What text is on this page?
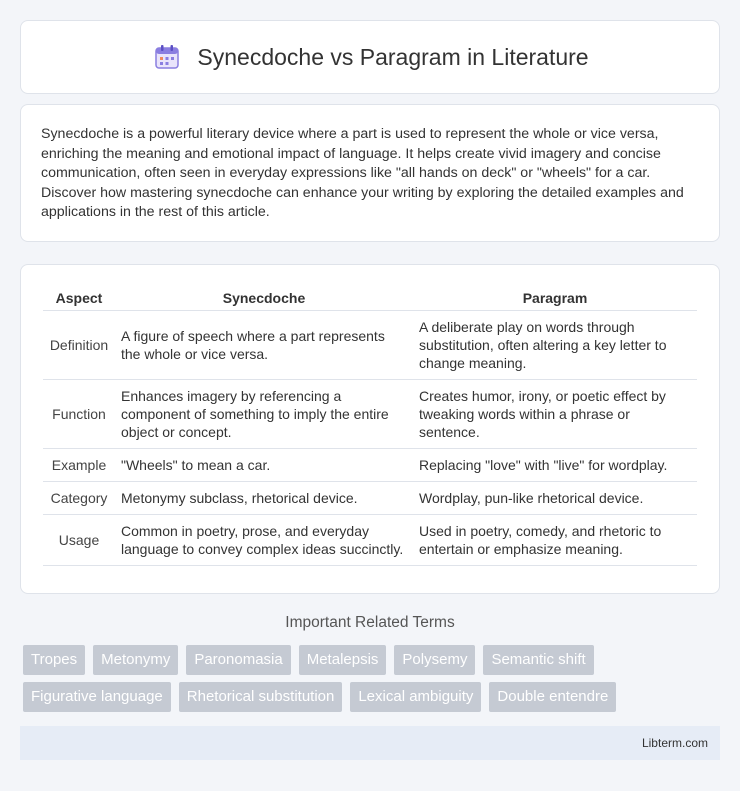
Synecdoche vs Paragram in Literature

Synecdoche is a powerful literary device where a part is used to represent the whole or vice versa, enriching the meaning and emotional impact of language. It helps create vivid imagery and concise communication, often seen in everyday expressions like "all hands on deck" or "wheels" for a car. Discover how mastering synecdoche can enhance your writing by exploring the detailed examples and applications in the rest of this article.

Aspect	Synecdoche	Paragram
Definition	A figure of speech where a part represents the whole or vice versa.	A deliberate play on words through substitution, often altering a key letter to change meaning.
Function	Enhances imagery by referencing a component of something to imply the entire object or concept.	Creates humor, irony, or poetic effect by tweaking words within a phrase or sentence.
Example	"Wheels" to mean a car.	Replacing "love" with "live" for wordplay.
Category	Metonymy subclass, rhetorical device.	Wordplay, pun-like rhetorical device.
Usage	Common in poetry, prose, and everyday language to convey complex ideas succinctly.	Used in poetry, comedy, and rhetoric to entertain or emphasize meaning.
Important Related Terms
Tropes	Metonymy	Paronomasia	Metalepsis	Polysemy	Semantic shift
Figurative language	Rhetorical substitution	Lexical ambiguity	Double entendre
Libterm.com
